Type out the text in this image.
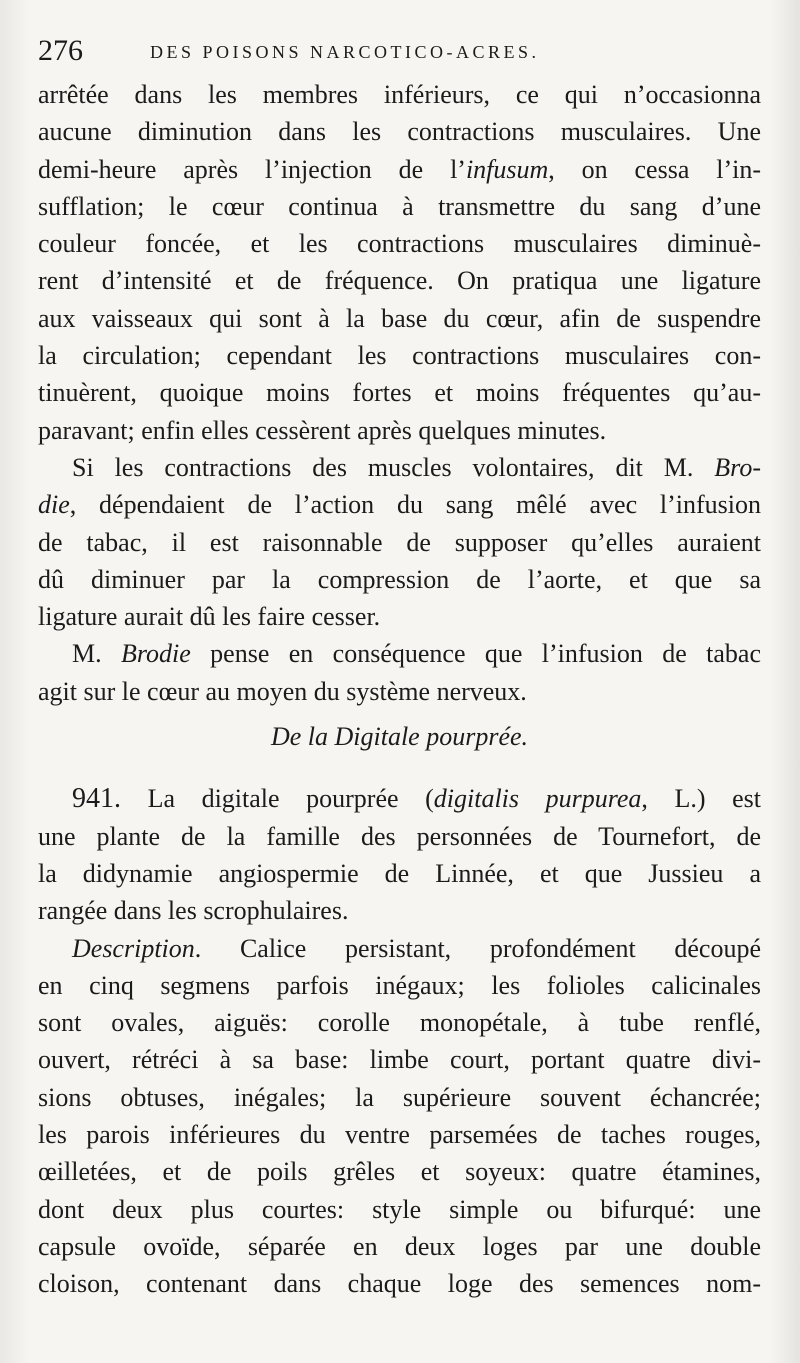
276	DES POISONS NARCOTICO-ACRES.
arrêtée dans les membres inférieurs, ce qui n’occasionna
aucune diminution dans les contractions musculaires. Une
demi-heure après l’injection de l’infusum, on cessa l’in-
sufflation; le cœur continua à transmettre du sang d’une
couleur foncée, et les contractions musculaires diminuè-
rent d’intensité et de fréquence. On pratiqua une ligature
aux vaisseaux qui sont à la base du cœur, afin de suspendre
la circulation; cependant les contractions musculaires con-
tinuèrent, quoique moins fortes et moins fréquentes qu’au-
paravant; enfin elles cessèrent après quelques minutes.
Si les contractions des muscles volontaires, dit M. Bro-
die, dépendaient de l’action du sang mêlé avec l’infusion
de tabac, il est raisonnable de supposer qu’elles auraient
dû diminuer par la compression de l’aorte, et que sa
ligature aurait dû les faire cesser.
M. Brodie pense en conséquence que l’infusion de tabac
agit sur le cœur au moyen du système nerveux.
De la Digitale pourprée.
941. La digitale pourprée (digitalis purpurea, L.) est
une plante de la famille des personnées de Tournefort, de
la didynamie angiospermie de Linnée, et que Jussieu a
rangée dans les scrophulaires.
Description. Calice persistant, profondément découpé
en cinq segmens parfois inégaux; les folioles calicinales
sont ovales, aiguës: corolle monopétale, à tube renflé,
ouvert, rétréci à sa base: limbe court, portant quatre divi-
sions obtuses, inégales; la supérieure souvent échancrée;
les parois inférieures du ventre parsemées de taches rouges,
œilletées, et de poils grêles et soyeux: quatre étamines,
dont deux plus courtes: style simple ou bifurqué: une
capsule ovoïde, séparée en deux loges par une double
cloison, contenant dans chaque loge des semences nom-
